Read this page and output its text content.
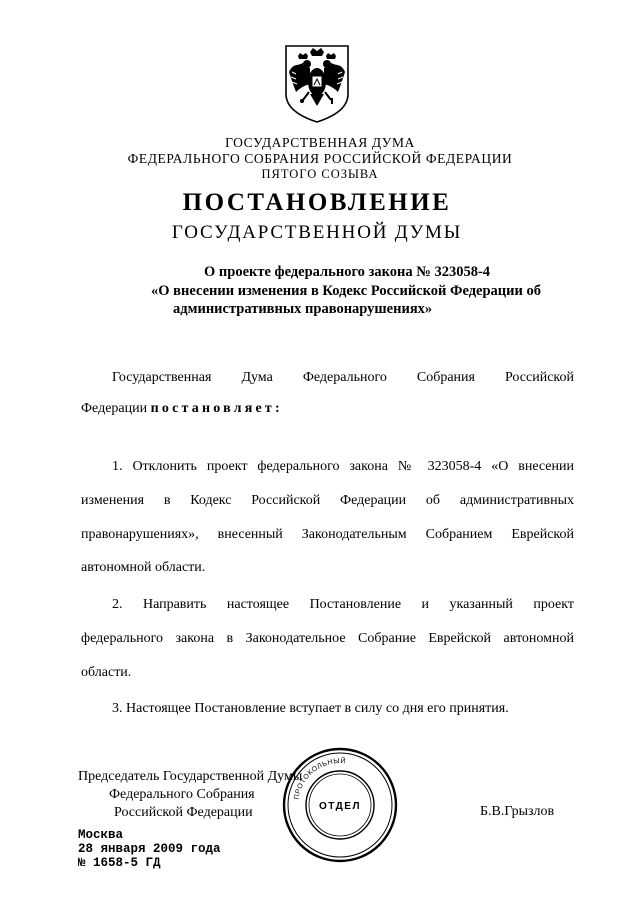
ГОСУДАРСТВЕННАЯ ДУМА
ФЕДЕРАЛЬНОГО СОБРАНИЯ РОССИЙСКОЙ ФЕДЕРАЦИИ
ПЯТОГО СОЗЫВА
ПОСТАНОВЛЕНИЕ
ГОСУДАРСТВЕННОЙ ДУМЫ
О проекте федерального закона № 323058-4
«О внесении изменения в Кодекс Российской Федерации об
административных правонарушениях»
Государственная Дума Федерального Собрания Российской
Федерации постановляет:
1. Отклонить проект федерального закона № 323058-4 «О внесении
изменения в Кодекс Российской Федерации об административных
правонарушениях», внесенный Законодательным Собранием Еврейской
автономной области.
2. Направить настоящее Постановление и указанный проект
федерального закона в Законодательное Собрание Еврейской автономной
области.
3. Настоящее Постановление вступает в силу со дня его принятия.
Председатель Государственной Думы
Федерального Собрания
Российской Федерации	Б.В.Грызлов
Москва
28 января 2009 года
№ 1658-5 ГД
ПРОТОКОЛЬНЫЙ
ОТДЕЛ
